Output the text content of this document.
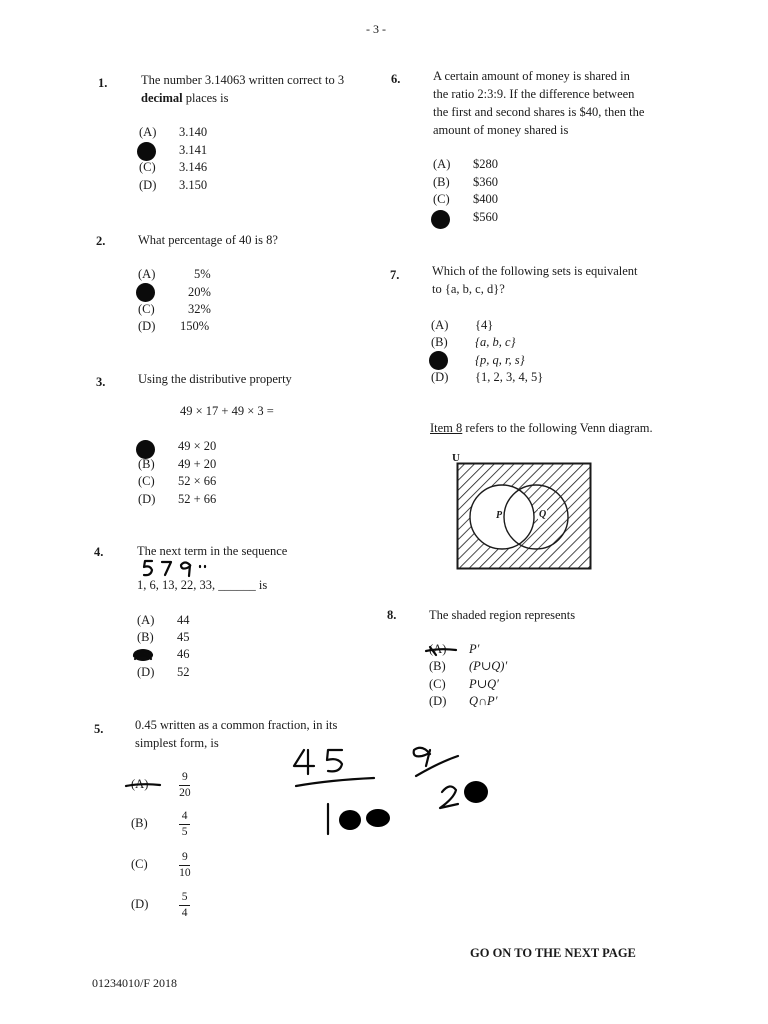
- 3 -
1.	The number 3.14063 written correct to 3
decimal places is
(A) 3.140
3.141
(C) 3.146
(D) 3.150
2.	What percentage of 40 is 8?
(A)	5%
20%
(C)	32%
(D) 150%
3.	Using the distributive property
49 × 17 + 49 × 3 =
49 × 20
(B) 49 + 20
(C) 52 × 66
(D) 52 + 66
4.	The next term in the sequence
1, 6, 13, 22, 33, ______ is
(A) 44
(B) 45
46
(D) 52
5.	0.45 written as a common fraction, in its
simplest form, is
(A)	$\frac{9}{20}$
(B)	$\frac{4}{5}$
(C)	$\frac{9}{10}$
(D)	$\frac{5}{4}$
6.	A certain amount of money is shared in
the ratio 2:3:9. If the difference between
the first and second shares is $40, then the
amount of money shared is
(A) $280
(B) $360
(C) $400
$560
7.	Which of the following sets is equivalent
to {a, b, c, d}?
(A) {4}
(B) {a, b, c}
{p, q, r, s}
(D) {1, 2, 3, 4, 5}
Item 8 refers to the following Venn diagram.
U
P	Q
8.	The shaded region represents
(A) P′
(B) (P∪Q)′
(C) P∪Q′
(D) Q∩P′
GO ON TO THE NEXT PAGE
01234010/F 2018
